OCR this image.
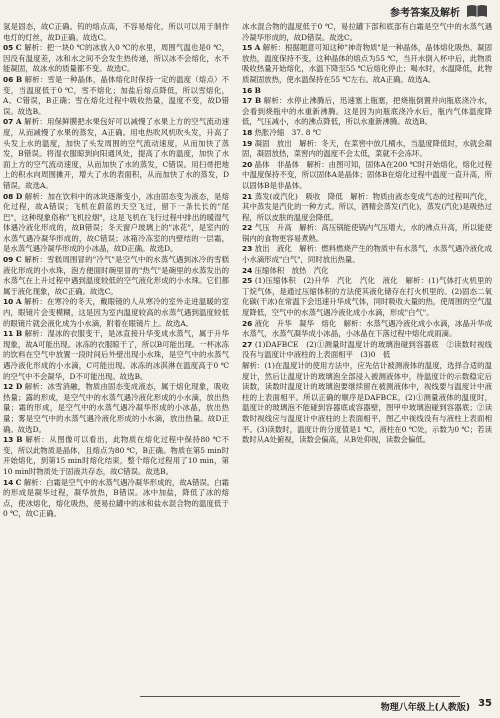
参考答案及解析

氢是固态，故C正确。钨的熔点高，不容易熔化，所以可以用于制作电灯的灯丝，故D正确。故选C。

05 C 解析：把一块0 ℃的冰放入0 ℃的水里，周围气温也是0 ℃，因没有温度差，冰和水之间不会发生热传递，所以冰不会熔化，水不能凝固，故冰水的质量都不变。故选C。

06 B 解析：雪是一种晶体，晶体熔化时保持一定的温度（熔点）不变，当温度低于0 ℃，雪不熔化；加盐后熔点降低，所以雪熔化，A、C错误，B正确；雪在熔化过程中吸收热量，温度不变，故D错误。故选B。

07 A 解析：用保鲜膜把水果包好可以减慢了水果上方的空气流动速度，从而减慢了水果的蒸发，A正确。用电热吹风机吹头发，升高了头发上水的温度，加快了头发周围的空气流动速度，从而加快了蒸发，B错误。将湿衣服晾到向阳通风处，提高了水的温度，加快了水面上方的空气流动速度，从而加快了水的蒸发，C错误。用扫帚把地上的积水向周围摊开，增大了水的表面积，从而加快了水的蒸发，D错误。故选A。

08 D 解析：加在饮料中的冰块逐渐变小，冰由固态变为液态，是熔化过程，故A错误；飞机在蔚蓝的天空飞过，留下一条长长的"尾巴"，这种现象俗称"飞机拉烟"，这是飞机在飞行过程中排出的暖湿气体遇冷液化形成的，故B错误；冬天窗户玻璃上的"冰花"，是室内的水蒸气遇冷凝华形成的，故C错误；冰箱冷冻室的内壁结的一层霜，是水蒸气遇冷凝华形成的小冰晶，故D正确。故选D。

09 C 解析：雪糕周围冒的"冷气"是空气中的水蒸气遇到冰冷的雪糕液化形成的小水珠，泡方便面时碗里冒的"热气"是碗里的水蒸发出的水蒸气在上升过程中遇到温度较低的空气液化形成的小水珠。它们都属于液化现象，故C正确。故选C。

10 A 解析：在寒冷的冬天，戴眼镜的人从寒冷的室外走进温暖的室内，眼镜片会变模糊，这是因为室内温度较高的水蒸气遇到温度较低的眼镜片就会液化成为小水滴，附着在眼镜片上。故选A。

11 B 解析：湿冰的衣服变干，是冰直接升华变成水蒸气，属于升华现象，故A可能出现。冰冻的衣服晾干了，所以B可能出现。一杯冰冻的饮料在空气中放置一段时间后外壁出现小水珠，是空气中的水蒸气遇冷液化形成的小水滴，C可能出现。冰冻的冰淇淋在温度高于0 ℃的空气中不会凝华，D不可能出现。故选B。

12 D 解析：冰雪消融，物质由固态变成液态，属于熔化现象，吸收热量；露的形成，是空气中的水蒸气遇冷液化形成的小水滴，放出热量；霜的形成，是空气中的水蒸气遇冷凝华形成的小冰晶，放出热量；雾是空气中的水蒸气遇冷液化形成的小水滴，放出热量。故D正确。故选D。

13 B 解析：从图像可以看出，此物质在熔化过程中保持80 ℃不变，所以此物质是晶体，且熔点为80 ℃，B正确。物质在第5 min时开始熔化，到第15 min时熔化结束，整个熔化过程用了10 min，第10 min时物质处于固液共存态，故C错误。故选B。

14 C 解析：白霜是空气中的水蒸气遇冷凝华形成的，故A错误。白霜的形成是凝华过程，凝华放热，B错误。冰中加盐，降低了冰的熔点，使冰熔化，熔化吸热，使易拉罐中的冰和盐水混合物的温度低于0 ℃，故C正确。

冰水混合物的温度低于0 ℃，易拉罐下部和底部有白霜是空气中的水蒸气遇冷凝华形成的，故D错误。故选C。

15 A 解析：根据题意可知这种"神奇物质"是一种晶体，晶体熔化吸热、凝固放热，温度保持不变，这种晶体的熔点为55 ℃，当开水倒入杯中后，此物质吸收热量开始熔化，水温下降至55 ℃后熔化停止；喝水时，水温降低，此物质凝固放热，使水温保持在55 ℃左右。故A正确。故选A。

16 B

17 B 解析：水停止沸腾后，迅速塞上瓶塞，把烧瓶倒置并向瓶底浇冷水，会看到烧瓶中的水重新沸腾。这是因为向瓶底浇冷水后，瓶内气体温度降低，气压减小，水的沸点降低，所以水重新沸腾。故选B。

18 热胀冷缩　37. 8 ℃

19 凝固　放出　解析：冬天，在菜窖中放几桶水，当温度降低时，水就会凝固，凝固放热，菜窖内的温度不会太低，菜就不会冻坏。

20 晶体　非晶体　解析：由图可知，固体A在200 ℃时开始熔化，熔化过程中温度保持不变，所以固体A是晶体；固体B在熔化过程中温度一直升高，所以固体B是非晶体。

21 蒸发(或汽化)　吸收　降低　解析：物质由液态变成气态的过程叫汽化，其中蒸发是汽化的一种方式。所以，酒精会蒸发(汽化)，蒸发(汽化)是吸热过程，所以皮肤的温度会降低。

22 气压　升高　解析：高压锅能使锅内气压增大，水的沸点升高，所以能使锅内的食物更容易煮熟。

23 放出　液化　解析：燃料燃烧产生的物质中有水蒸气，水蒸气遇冷液化成小水滴形成"白气"，同时放出热量。

24 压缩体积　放热　汽化

25 (1)压缩体积　(2)升华　汽化　汽化　液化　解析：(1)气体打火机里的丁烷气体，是通过压缩体积的方法使其液化储存在打火机里的。(2)固态二氧化碳(干冰)在常温下会迅速升华成气体，同时吸收大量的热，使周围的空气温度降低，空气中的水蒸气遇冷液化成小水滴，形成"白气"。

26 液化　升华　凝华　熔化　解析：水蒸气遇冷液化成小水滴，冰晶升华成水蒸气，水蒸气凝华成小冰晶，小冰晶在下落过程中熔化成雨滴。

27 (1)DAFBCE　(2)①测量时温度计的玻璃泡碰到容器底　②读数时视线没有与温度计中液柱的上表面相平　(3)0　低

解析：(1)在温度计的使用方法中，应先估计被测液体的温度，选择合适的温度计，然后让温度计的玻璃泡全部浸入被测液体中，待温度计的示数稳定后读数，读数时温度计的玻璃泡要继续留在被测液体中，视线要与温度计中液柱的上表面相平。所以正确的顺序是DAFBCE。(2)①测量液体的温度时，温度计的玻璃泡不能碰到容器底或容器壁，图甲中玻璃泡碰到容器底；②读数时视线应与温度计中液柱的上表面相平，图乙中视线没有与液柱上表面相平。(3)读数时，温度计的分度值是1 ℃，液柱在0 ℃处，示数为0 ℃；若读数时从A处俯视，读数会偏高，从B处仰视，读数会偏低。

物理八年级上(人教版) 35
